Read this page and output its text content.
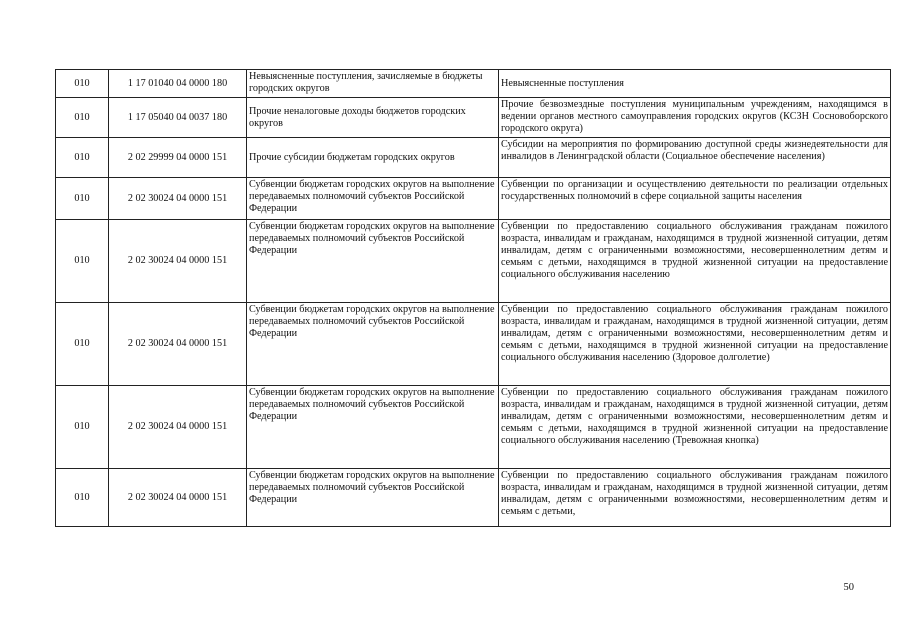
010	1 17 01040 04 0000 180	Невыясненные поступления, зачисляемые в бюджеты городских округов	Невыясненные поступления
010	1 17 05040 04 0037 180	Прочие неналоговые доходы бюджетов городских округов	Прочие безвозмездные поступления муниципальным учреждениям, находящимся в ведении органов местного самоуправления городских округов (КСЗН Сосновоборского городского округа)
010	2 02 29999 04 0000 151	Прочие субсидии бюджетам городских округов	Субсидии на мероприятия по формированию доступной среды жизнедеятельности для инвалидов в Ленинградской области (Социальное обеспечение населения)
010	2 02 30024 04 0000 151	Субвенции бюджетам городских округов на выполнение передаваемых полномочий субъектов Российской Федерации	Субвенции по организации и осуществлению деятельности по реализации отдельных государственных полномочий в сфере социальной защиты населения
010	2 02 30024 04 0000 151	Субвенции бюджетам городских округов на выполнение передаваемых полномочий субъектов Российской Федерации	Субвенции по предоставлению социального обслуживания гражданам пожилого возраста, инвалидам и гражданам, находящимся в трудной жизненной ситуации, детям инвалидам, детям с ограниченными возможностями, несовершеннолетним детям и семьям с детьми, находящимся в трудной жизненной ситуации на предоставление социального обслуживания населению
010	2 02 30024 04 0000 151	Субвенции бюджетам городских округов на выполнение передаваемых полномочий субъектов Российской Федерации	Субвенции по предоставлению социального обслуживания гражданам пожилого возраста, инвалидам и гражданам, находящимся в трудной жизненной ситуации, детям инвалидам, детям с ограниченными возможностями, несовершеннолетним детям и семьям с детьми, находящимся в трудной жизненной ситуации на предоставление социального обслуживания населению (Здоровое долголетие)
010	2 02 30024 04 0000 151	Субвенции бюджетам городских округов на выполнение передаваемых полномочий субъектов Российской Федерации	Субвенции по предоставлению социального обслуживания гражданам пожилого возраста, инвалидам и гражданам, находящимся в трудной жизненной ситуации, детям инвалидам, детям с ограниченными возможностями, несовершеннолетним детям и семьям с детьми, находящимся в трудной жизненной ситуации на предоставление социального обслуживания населению (Тревожная кнопка)
010	2 02 30024 04 0000 151	Субвенции бюджетам городских округов на выполнение передаваемых полномочий субъектов Российской Федерации	Субвенции по предоставлению социального обслуживания гражданам пожилого возраста, инвалидам и гражданам, находящимся в трудной жизненной ситуации, детям инвалидам, детям с ограниченными возможностями, несовершеннолетним детям и семьям с детьми,
50
